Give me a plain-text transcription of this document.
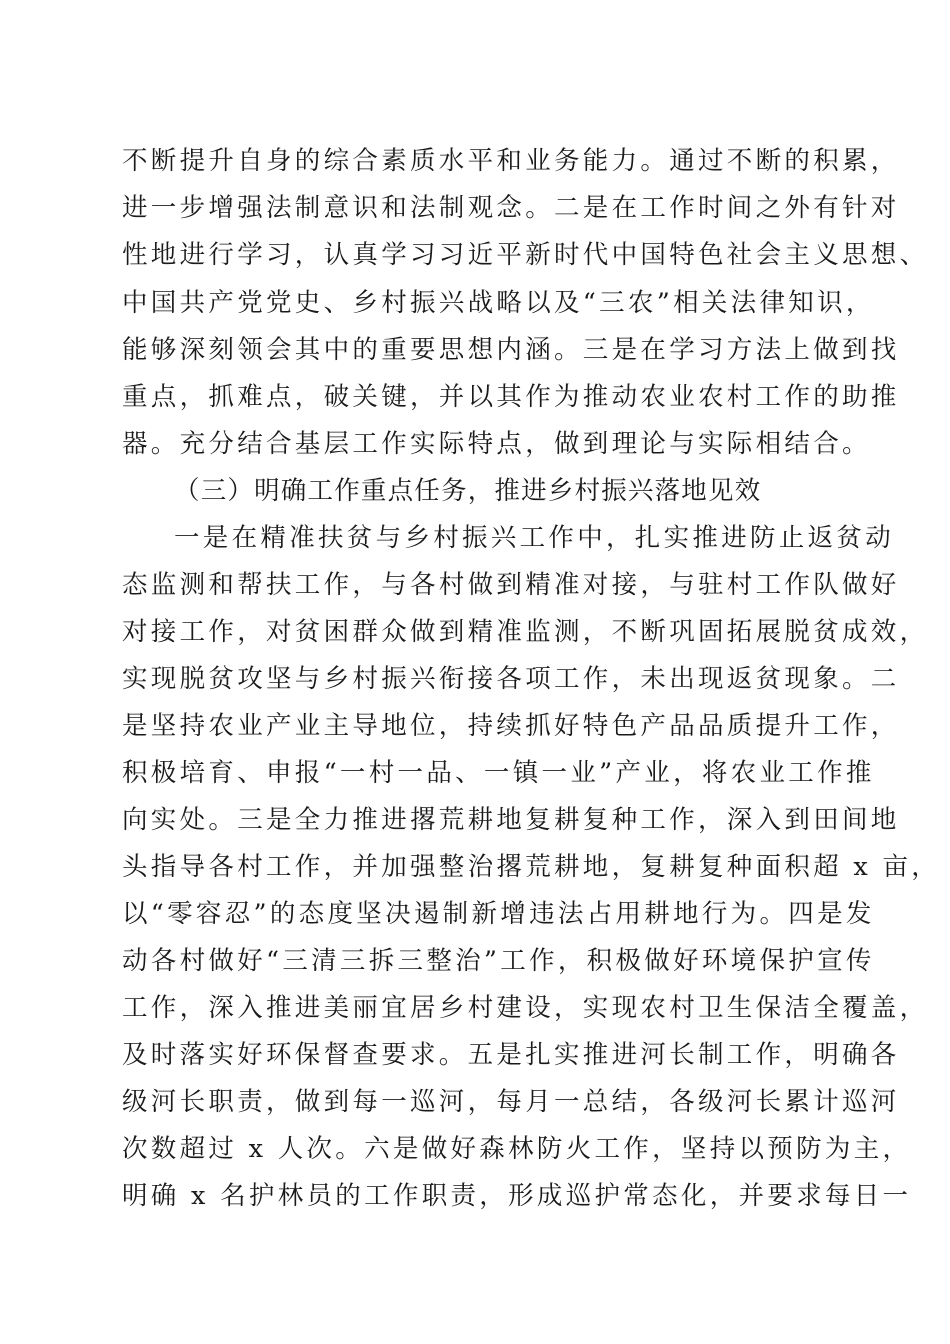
不断提升自身的综合素质水平和业务能力。通过不断的积累，
进一步增强法制意识和法制观念。二是在工作时间之外有针对
性地进行学习，认真学习习近平新时代中国特色社会主义思想、
中国共产党党史、乡村振兴战略以及“三农”相关法律知识，
能够深刻领会其中的重要思想内涵。三是在学习方法上做到找
重点，抓难点，破关键，并以其作为推动农业农村工作的助推
器。充分结合基层工作实际特点，做到理论与实际相结合。
（三）明确工作重点任务，推进乡村振兴落地见效
一是在精准扶贫与乡村振兴工作中，扎实推进防止返贫动
态监测和帮扶工作，与各村做到精准对接，与驻村工作队做好
对接工作，对贫困群众做到精准监测，不断巩固拓展脱贫成效，
实现脱贫攻坚与乡村振兴衔接各项工作，未出现返贫现象。二
是坚持农业产业主导地位，持续抓好特色产品品质提升工作，
积极培育、申报“一村一品、一镇一业”产业，将农业工作推
向实处。三是全力推进撂荒耕地复耕复种工作，深入到田间地
头指导各村工作，并加强整治撂荒耕地，复耕复种面积超 x 亩，
以“零容忍”的态度坚决遏制新增违法占用耕地行为。四是发
动各村做好“三清三拆三整治”工作，积极做好环境保护宣传
工作，深入推进美丽宜居乡村建设，实现农村卫生保洁全覆盖，
及时落实好环保督查要求。五是扎实推进河长制工作，明确各
级河长职责，做到每一巡河，每月一总结，各级河长累计巡河
次数超过 x 人次。六是做好森林防火工作，坚持以预防为主，
明确 x 名护林员的工作职责，形成巡护常态化，并要求每日一
